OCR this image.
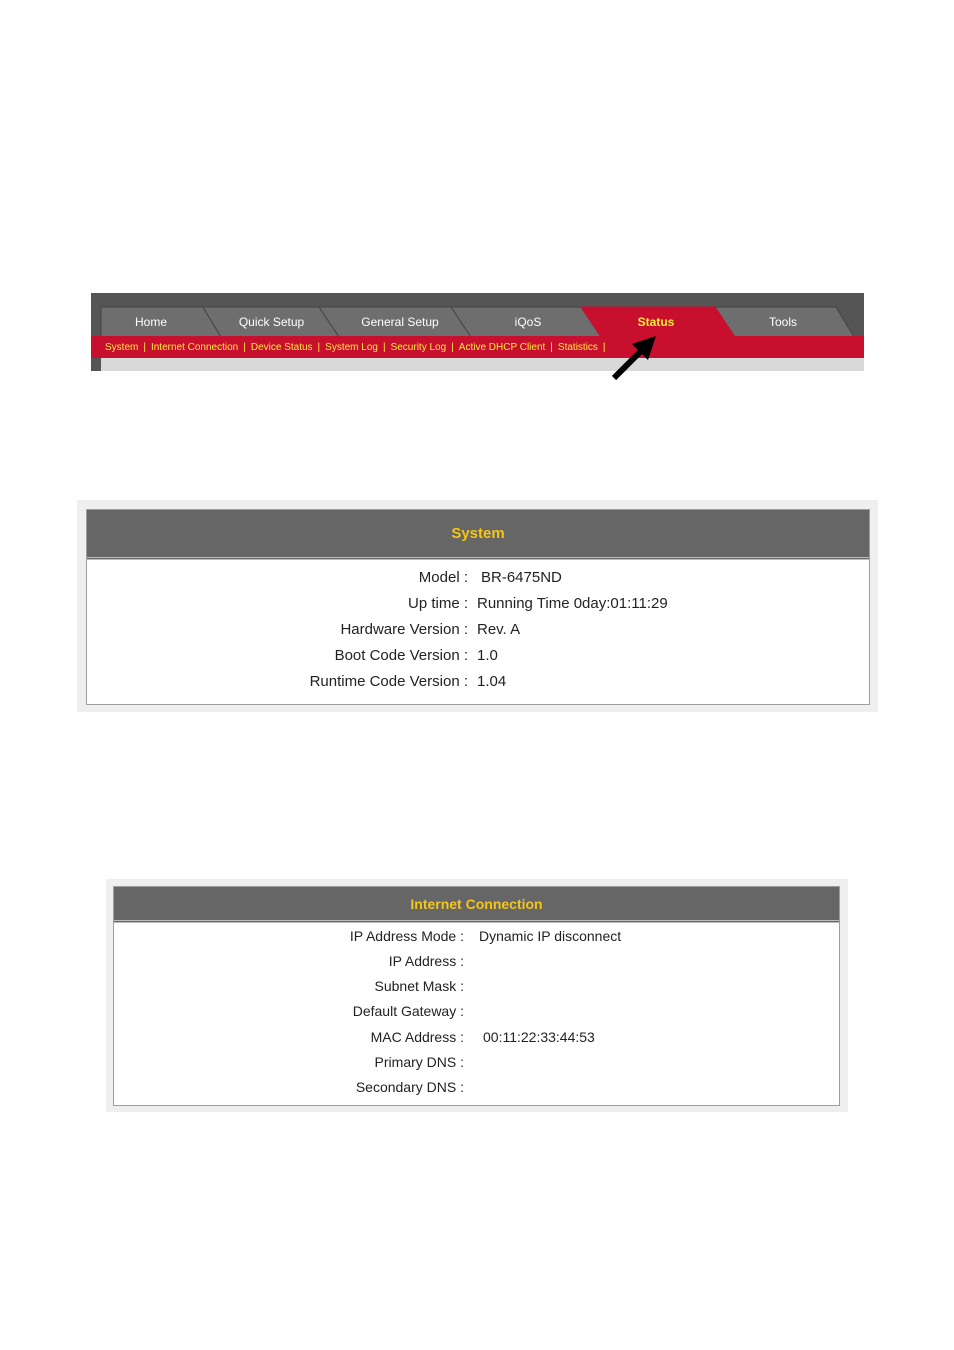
Home	Quick Setup	General Setup	iQoS	Status	Tools
System | Internet Connection | Device Status | System Log | Security Log | Active DHCP Client | Statistics |
System
Model : BR-6475ND
Up time : Running Time 0day:01:11:29
Hardware Version : Rev. A
Boot Code Version : 1.0
Runtime Code Version : 1.04
Internet Connection
IP Address Mode : Dynamic IP disconnect
IP Address :
Subnet Mask :
Default Gateway :
MAC Address : 00:11:22:33:44:53
Primary DNS :
Secondary DNS :
